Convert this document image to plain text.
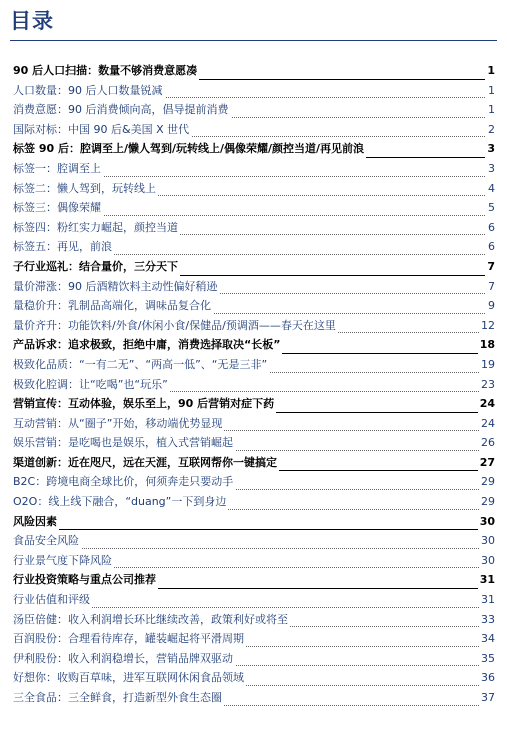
目录
90 后人口扫描：数量不够消费意愿凑	1
人口数量：90 后人口数量锐减	1
消费意愿：90 后消费倾向高，倡导提前消费	1
国际对标：中国 90 后&美国 X 世代	2
标签 90 后：腔调至上/懒人驾到/玩转线上/偶像荣耀/颜控当道/再见前浪	3
标签一：腔调至上	3
标签二：懒人驾到，玩转线上	4
标签三：偶像荣耀	5
标签四：粉红实力崛起，颜控当道	6
标签五：再见，前浪	6
子行业巡礼：结合量价，三分天下	7
量价滞涨：90 后酒精饮料主动性偏好稍逊	7
量稳价升：乳制品高端化，调味品复合化	9
量价齐升：功能饮料/外食/休闲小食/保健品/预调酒——春天在这里	12
产品诉求：追求极致，拒绝中庸，消费选择取决“长板”	18
极致化品质：“一有二无”、“两高一低”、“无是三非”	19
极致化腔调：让“吃喝”也“玩乐”	23
营销宣传：互动体验，娱乐至上，90 后营销对症下药	24
互动营销：从“圈子”开始，移动端优势显现	24
娱乐营销：是吃喝也是娱乐，植入式营销崛起	26
渠道创新：近在咫尺，远在天涯，互联网帮你一键搞定	27
B2C：跨境电商全球比价，何须奔走只要动手	29
O2O：线上线下融合，“duang”一下到身边	29
风险因素	30
食品安全风险	30
行业景气度下降风险	30
行业投资策略与重点公司推荐	31
行业估值和评级	31
汤臣倍健：收入利润增长环比继续改善，政策利好或将至	33
百润股份：合理看待库存，罐装崛起将平滑周期	34
伊利股份：收入利润稳增长，营销品牌双驱动	35
好想你：收购百草味，进军互联网休闲食品领域	36
三全食品：三全鲜食，打造新型外食生态圈	37
